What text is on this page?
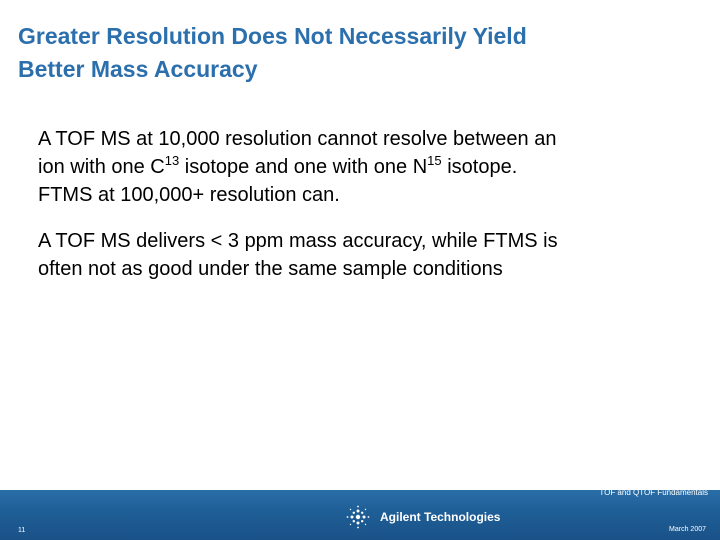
Greater Resolution Does Not Necessarily Yield
Better Mass Accuracy
A TOF MS at 10,000 resolution cannot resolve between an
ion with one $C^{13}$ isotope and one with one $N^{15}$ isotope.
FTMS at 100,000+ resolution can.
A TOF MS delivers < 3 ppm mass accuracy, while FTMS is
often not as good under the same sample conditions
TOF and QTOF Fundamentals
11	March 2007
Agilent Technologies
